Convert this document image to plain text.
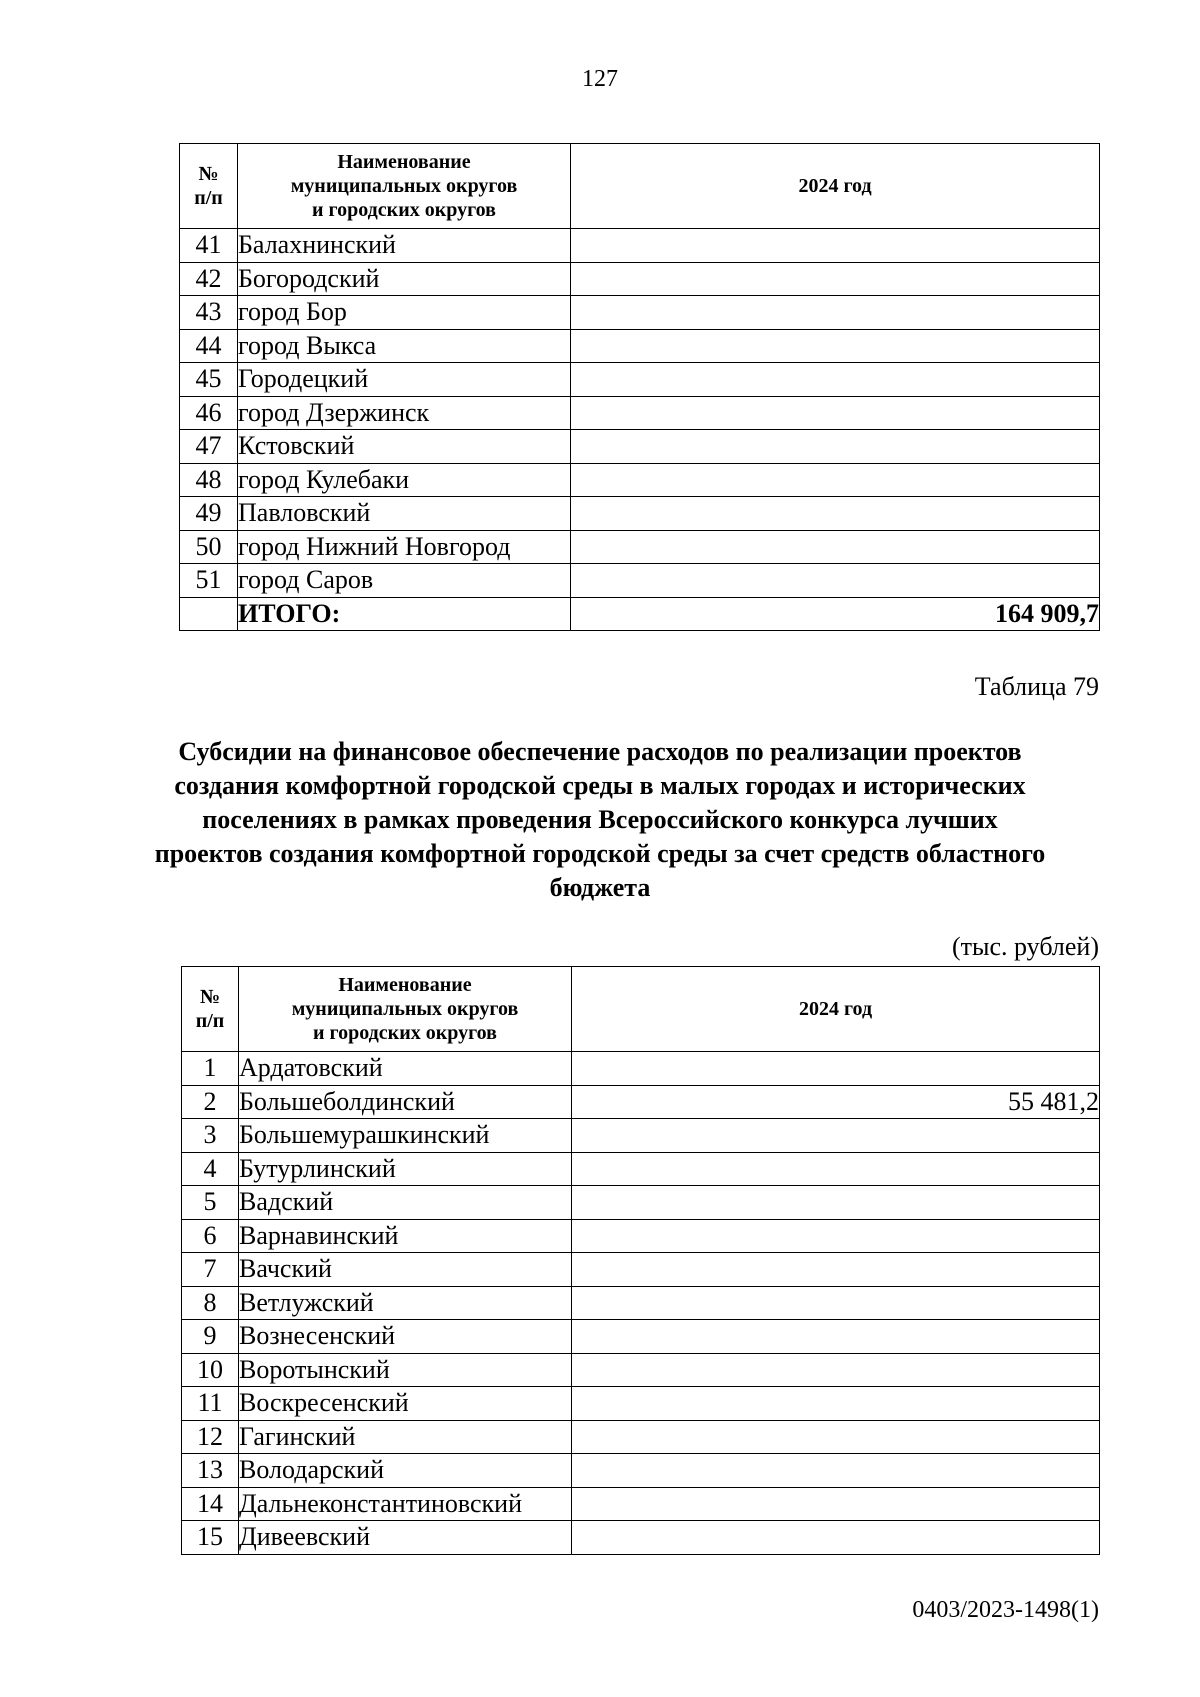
127
№
п/п	Наименование
муниципальных округов
и городских округов	2024 год
41	Балахнинский	
42	Богородский	
43	город Бор	
44	город Выкса	
45	Городецкий	
46	город Дзержинск	
47	Кстовский	
48	город Кулебаки	
49	Павловский	
50	город Нижний Новгород	
51	город Саров	
	ИТОГО:	164 909,7
Таблица 79
Субсидии на финансовое обеспечение расходов по реализации проектов создания комфортной городской среды в малых городах и исторических поселениях в рамках проведения Всероссийского конкурса лучших проектов создания комфортной городской среды за счет средств областного бюджета
(тыс. рублей)
№
п/п	Наименование
муниципальных округов
и городских округов	2024 год
1	Ардатовский	
2	Большеболдинский	55 481,2
3	Большемурашкинский	
4	Бутурлинский	
5	Вадский	
6	Варнавинский	
7	Вачский	
8	Ветлужский	
9	Вознесенский	
10	Воротынский	
11	Воскресенский	
12	Гагинский	
13	Володарский	
14	Дальнеконстантиновский	
15	Дивеевский	
0403/2023-1498(1)
